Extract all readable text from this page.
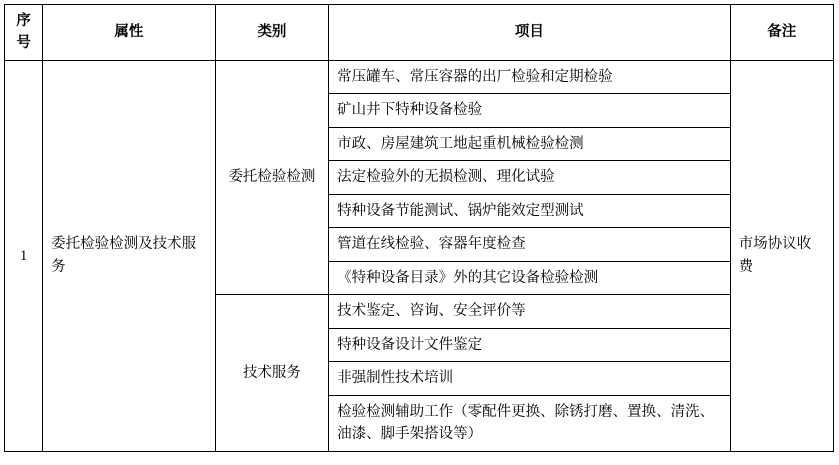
序号	属性	类别	项目	备注
1	委托检验检测及技术服务	委托检验检测	常压罐车、常压容器的出厂检验和定期检验	市场协议收费
			矿山井下特种设备检验	
			市政、房屋建筑工地起重机械检验检测	
			法定检验外的无损检测、理化试验	
			特种设备节能测试、锅炉能效定型测试	
			管道在线检验、容器年度检查	
			《特种设备目录》外的其它设备检验检测	
		技术服务	技术鉴定、咨询、安全评价等	
			特种设备设计文件鉴定	
			非强制性技术培训	
			检验检测辅助工作（零配件更换、除锈打磨、置换、清洗、油漆、脚手架搭设等）	
